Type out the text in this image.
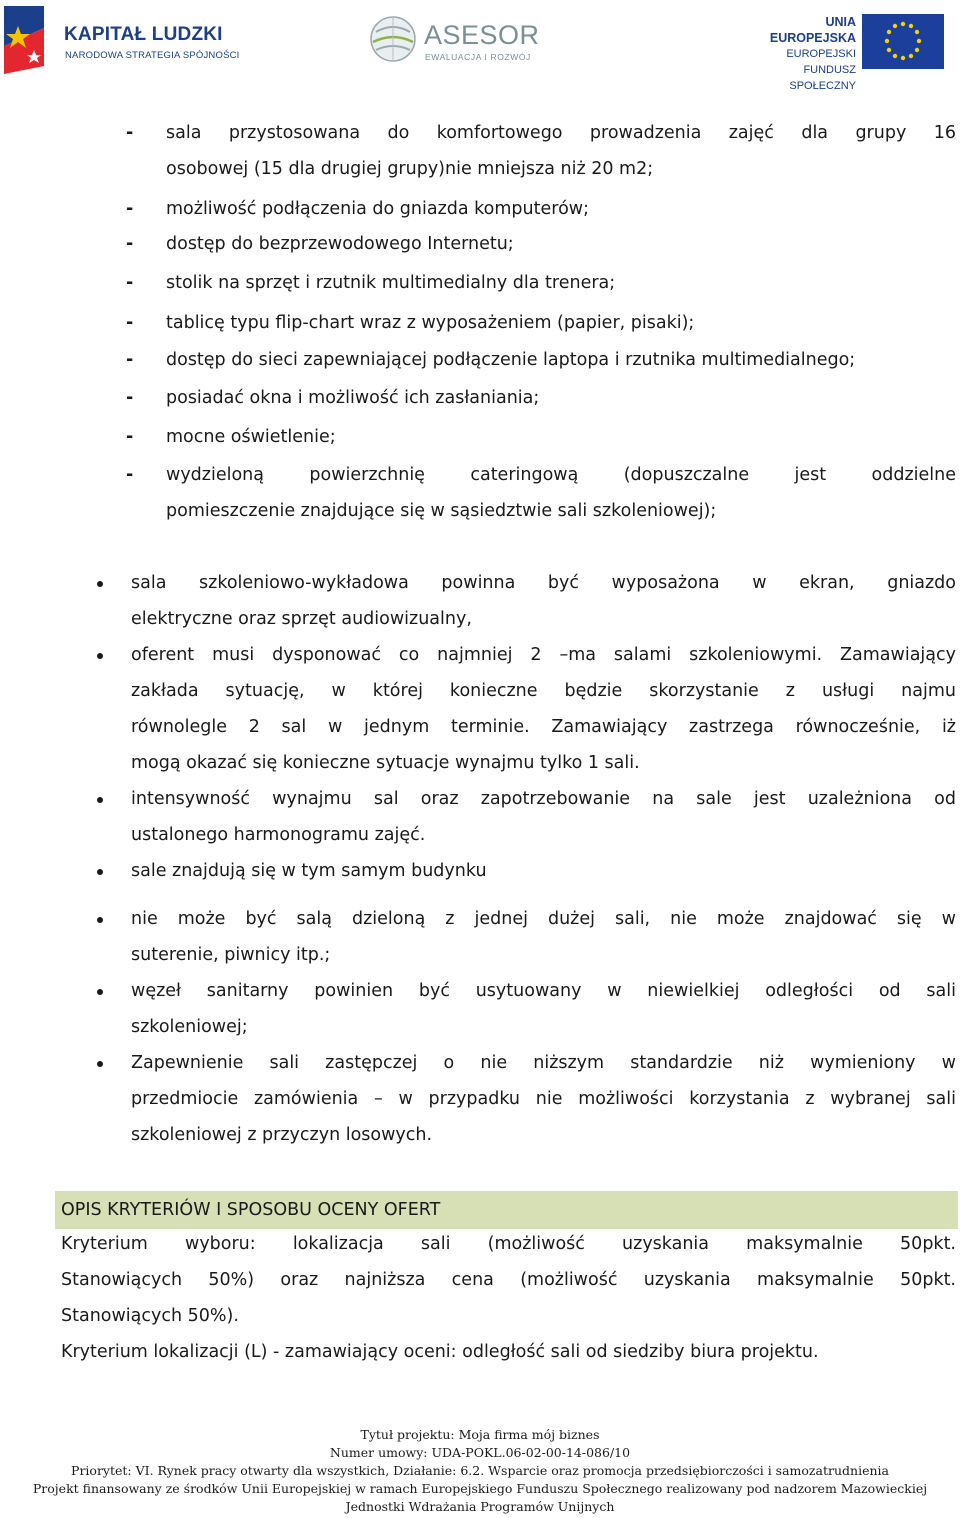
KAPITAŁ LUDZKI
NARODOWA STRATEGIA SPÓJNOŚCI
ASESOR
EWALUACJA I ROZWÓJ
UNIA EUROPEJSKA
EUROPEJSKI
FUNDUSZ SPOŁECZNY
- sala przystosowana do komfortowego prowadzenia zajęć dla grupy 16
osobowej (15 dla drugiej grupy)nie mniejsza niż 20 m2;
- możliwość podłączenia do gniazda komputerów;
- dostęp do bezprzewodowego Internetu;
- stolik na sprzęt i rzutnik multimedialny dla trenera;
- tablicę typu flip-chart wraz z wyposażeniem (papier, pisaki);
- dostęp do sieci zapewniającej podłączenie laptopa i rzutnika multimedialnego;
- posiadać okna i możliwość ich zasłaniania;
- mocne oświetlenie;
- wydzieloną powierzchnię cateringową (dopuszczalne jest oddzielne
pomieszczenie znajdujące się w sąsiedztwie sali szkoleniowej);
sala szkoleniowo-wykładowa powinna być wyposażona w ekran, gniazdo
elektryczne oraz sprzęt audiowizualny,
oferent musi dysponować co najmniej 2 –ma salami szkoleniowymi. Zamawiający
zakłada sytuację, w której konieczne będzie skorzystanie z usługi najmu
równolegle 2 sal w jednym terminie. Zamawiający zastrzega równocześnie, iż
mogą okazać się konieczne sytuacje wynajmu tylko 1 sali.
intensywność wynajmu sal oraz zapotrzebowanie na sale jest uzależniona od
ustalonego harmonogramu zajęć.
sale znajdują się w tym samym budynku
nie może być salą dzieloną z jednej dużej sali, nie może znajdować się w
suterenie, piwnicy itp.;
węzeł sanitarny powinien być usytuowany w niewielkiej odległości od sali
szkoleniowej;
Zapewnienie sali zastępczej o nie niższym standardzie niż wymieniony w
przedmiocie zamówienia – w przypadku nie możliwości korzystania z wybranej sali
szkoleniowej z przyczyn losowych.
OPIS KRYTERIÓW I SPOSOBU OCENY OFERT
Kryterium wyboru: lokalizacja sali (możliwość uzyskania maksymalnie 50pkt.
Stanowiących 50%) oraz najniższa cena (możliwość uzyskania maksymalnie 50pkt.
Stanowiących 50%).
Kryterium lokalizacji (L) - zamawiający oceni: odległość sali od siedziby biura projektu.
Tytuł projektu: Moja firma mój biznes
Numer umowy: UDA-POKL.06-02-00-14-086/10
Priorytet: VI. Rynek pracy otwarty dla wszystkich, Działanie: 6.2. Wsparcie oraz promocja przedsiębiorczości i samozatrudnienia
Projekt finansowany ze środków Unii Europejskiej w ramach Europejskiego Funduszu Społecznego realizowany pod nadzorem Mazowieckiej
Jednostki Wdrażania Programów Unijnych
